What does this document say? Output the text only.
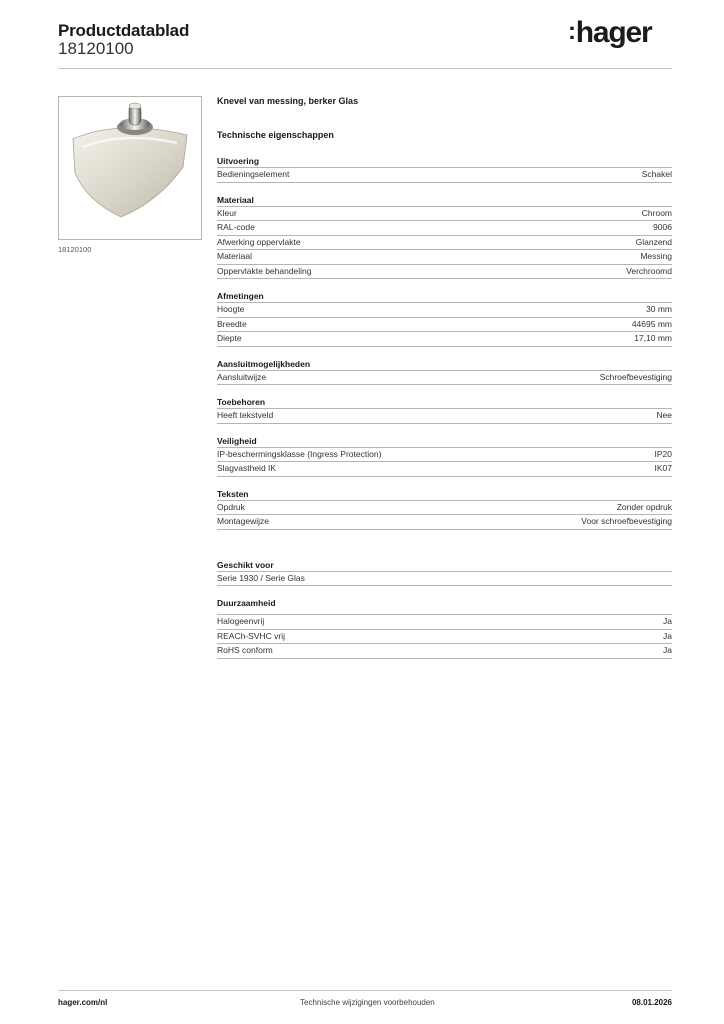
Productdatablad
18120100
:hager
18120100
Knevel van messing, berker Glas
Technische eigenschappen
Uitvoering
Bedieningselement	Schakel
Materiaal
Kleur	Chroom
RAL-code	9006
Afwerking oppervlakte	Glanzend
Materiaal	Messing
Oppervlakte behandeling	Verchroomd
Afmetingen
Hoogte	30 mm
Breedte	44695 mm
Diepte	17,10 mm
Aansluitmogelijkheden
Aansluitwijze	Schroefbevestiging
Toebehoren
Heeft tekstveld	Nee
Veiligheid
IP-beschermingsklasse (Ingress Protection)	IP20
Slagvastheid IK	IK07
Teksten
Opdruk	Zonder opdruk
Montagewijze	Voor schroefbevestiging
Geschikt voor
Serie 1930 / Serie Glas
Duurzaamheid
Halogeenvrij	Ja
REACh-SVHC vrij	Ja
RoHS conform	Ja
hager.com/nl	Technische wijzigingen voorbehouden	08.01.2026
